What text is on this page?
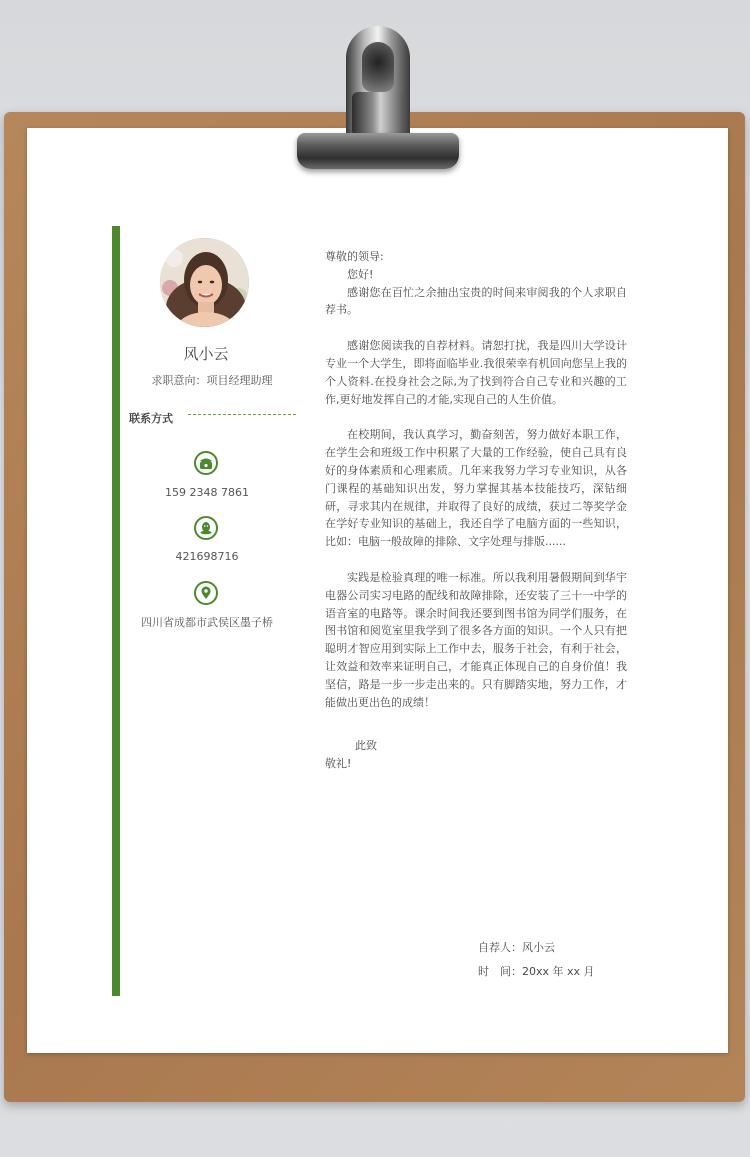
风小云
求职意向：项目经理助理
联系方式
159 2348 7861
421698716
四川省成都市武侯区墨子桥

尊敬的领导:

您好!

感谢您在百忙之余抽出宝贵的时间来审阅我的个人求职自荐书。

感谢您阅读我的自荐材料。请恕打扰，我是四川大学设计专业一个大学生，即将面临毕业.我很荣幸有机回向您呈上我的个人资料.在投身社会之际,为了找到符合自己专业和兴趣的工作,更好地发挥自己的才能,实现自己的人生价值。

在校期间，我认真学习，勤奋刻苦，努力做好本职工作，在学生会和班级工作中积累了大量的工作经验，使自己具有良好的身体素质和心理素质。几年来我努力学习专业知识，从各门课程的基础知识出发，努力掌握其基本技能技巧，深钻细研，寻求其内在规律，并取得了良好的成绩，获过二等奖学金在学好专业知识的基础上，我还自学了电脑方面的一些知识，比如：电脑一般故障的排除、文字处理与排版......

实践是检验真理的唯一标准。所以我利用暑假期间到华宇电器公司实习电路的配线和故障排除，还安装了三十一中学的语音室的电路等。课余时间我还要到图书馆为同学们服务，在图书馆和阅览室里我学到了很多各方面的知识。一个人只有把聪明才智应用到实际上工作中去，服务于社会，有利于社会，让效益和效率来证明自己，才能真正体现自己的自身价值！我坚信，路是一步一步走出来的。只有脚踏实地，努力工作，才能做出更出色的成绩！

此致

敬礼!

自荐人：风小云
时　间：20xx 年 xx 月
